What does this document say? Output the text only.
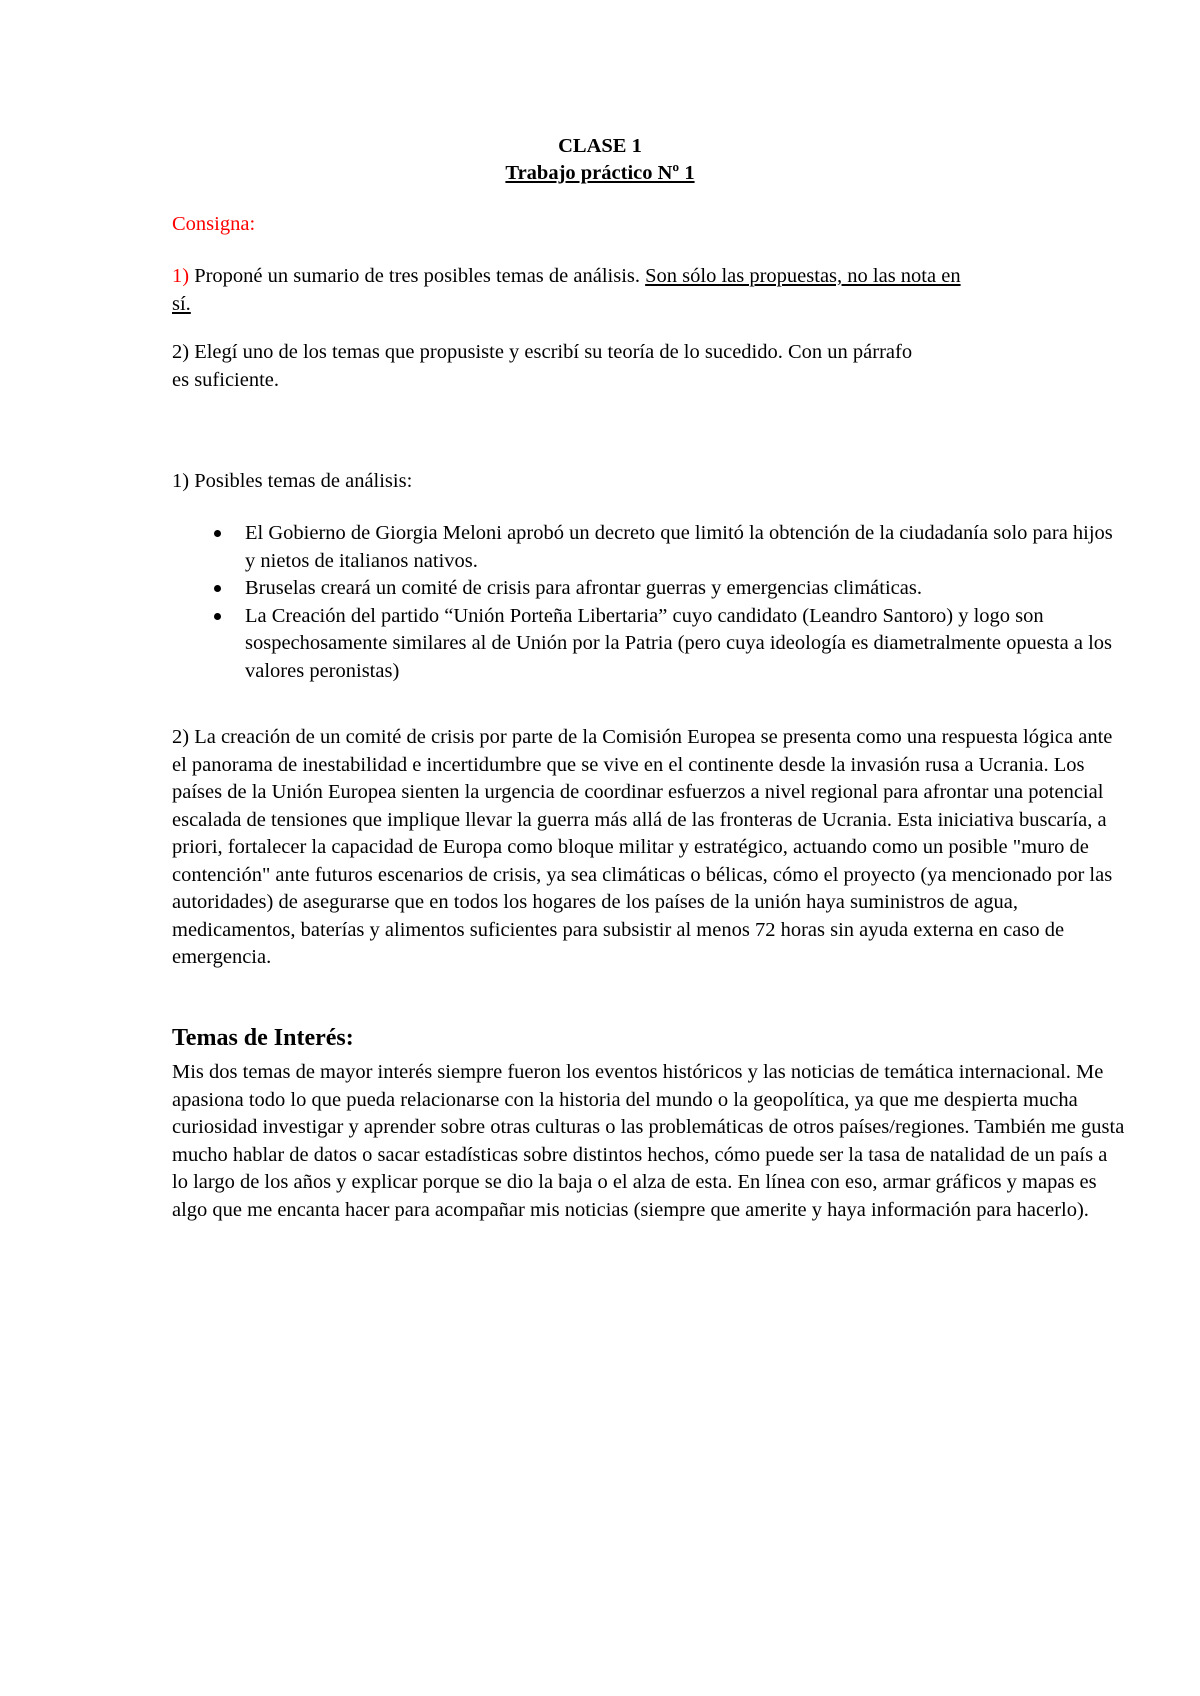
CLASE 1
Trabajo práctico Nº 1
Consigna:

1) Proponé un sumario de tres posibles temas de análisis. Son sólo las propuestas, no las nota en sí.

2) Elegí uno de los temas que propusiste y escribí su teoría de lo sucedido. Con un párrafo es suficiente.

1) Posibles temas de análisis:
El Gobierno de Giorgia Meloni aprobó un decreto que limitó la obtención de la ciudadanía solo para hijos y nietos de italianos nativos.
Bruselas creará un comité de crisis para afrontar guerras y emergencias climáticas.
La Creación del partido “Unión Porteña Libertaria” cuyo candidato (Leandro Santoro) y logo son sospechosamente similares al de Unión por la Patria (pero cuya ideología es diametralmente opuesta a los valores peronistas)

2) La creación de un comité de crisis por parte de la Comisión Europea se presenta como una respuesta lógica ante el panorama de inestabilidad e incertidumbre que se vive en el continente desde la invasión rusa a Ucrania. Los países de la Unión Europea sienten la urgencia de coordinar esfuerzos a nivel regional para afrontar una potencial escalada de tensiones que implique llevar la guerra más allá de las fronteras de Ucrania. Esta iniciativa buscaría, a priori, fortalecer la capacidad de Europa como bloque militar y estratégico, actuando como un posible "muro de contención" ante futuros escenarios de crisis, ya sea climáticas o bélicas, cómo el proyecto (ya mencionado por las autoridades) de asegurarse que en todos los hogares de los países de la unión haya suministros de agua, medicamentos, baterías y alimentos suficientes para subsistir al menos 72 horas sin ayuda externa en caso de emergencia.

Temas de Interés:

Mis dos temas de mayor interés siempre fueron los eventos históricos y las noticias de temática internacional. Me apasiona todo lo que pueda relacionarse con la historia del mundo o la geopolítica, ya que me despierta mucha curiosidad investigar y aprender sobre otras culturas o las problemáticas de otros países/regiones. También me gusta mucho hablar de datos o sacar estadísticas sobre distintos hechos, cómo puede ser la tasa de natalidad de un país a lo largo de los años y explicar porque se dio la baja o el alza de esta. En línea con eso, armar gráficos y mapas es algo que me encanta hacer para acompañar mis noticias (siempre que amerite y haya información para hacerlo).
